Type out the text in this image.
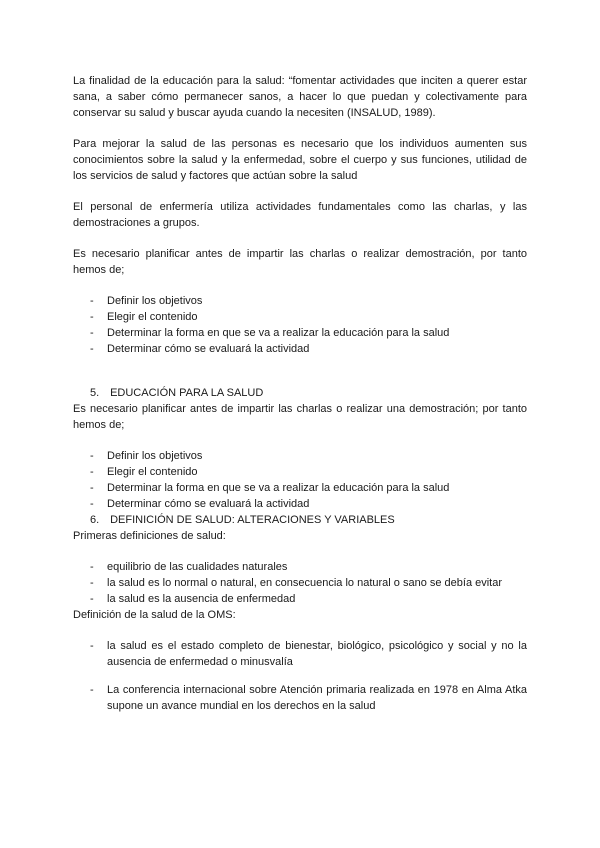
La finalidad de la educación para la salud: “fomentar actividades que inciten a querer estar sana, a saber cómo permanecer sanos, a hacer lo que puedan y colectivamente para conservar su salud y buscar ayuda cuando la necesiten (INSALUD, 1989).

Para mejorar la salud de las personas es necesario que los individuos aumenten sus conocimientos sobre la salud y la enfermedad, sobre el cuerpo y sus funciones, utilidad de los servicios de salud y factores que actúan sobre la salud

El personal de enfermería utiliza actividades fundamentales como las charlas, y las demostraciones a grupos.

Es necesario planificar antes de impartir las charlas o realizar demostración, por tanto hemos de;

- Definir los objetivos
- Elegir el contenido
- Determinar la forma en que se va a realizar la educación para la salud
- Determinar cómo se evaluará la actividad

5. EDUCACIÓN PARA LA SALUD

Es necesario planificar antes de impartir las charlas o realizar una demostración; por tanto hemos de;

- Definir los objetivos
- Elegir el contenido
- Determinar la forma en que se va a realizar la educación para la salud
- Determinar cómo se evaluará la actividad

6. DEFINICIÓN DE SALUD: ALTERACIONES Y VARIABLES

Primeras definiciones de salud:

- equilibrio de las cualidades naturales
- la salud es lo normal o natural, en consecuencia lo natural o sano se debía evitar
- la salud es la ausencia de enfermedad

Definición de la salud de la OMS:

- la salud es el estado completo de bienestar, biológico, psicológico y social y no la ausencia de enfermedad o minusvalía
- La conferencia internacional sobre Atención primaria realizada en 1978 en Alma Atka supone un avance mundial en los derechos en la salud
